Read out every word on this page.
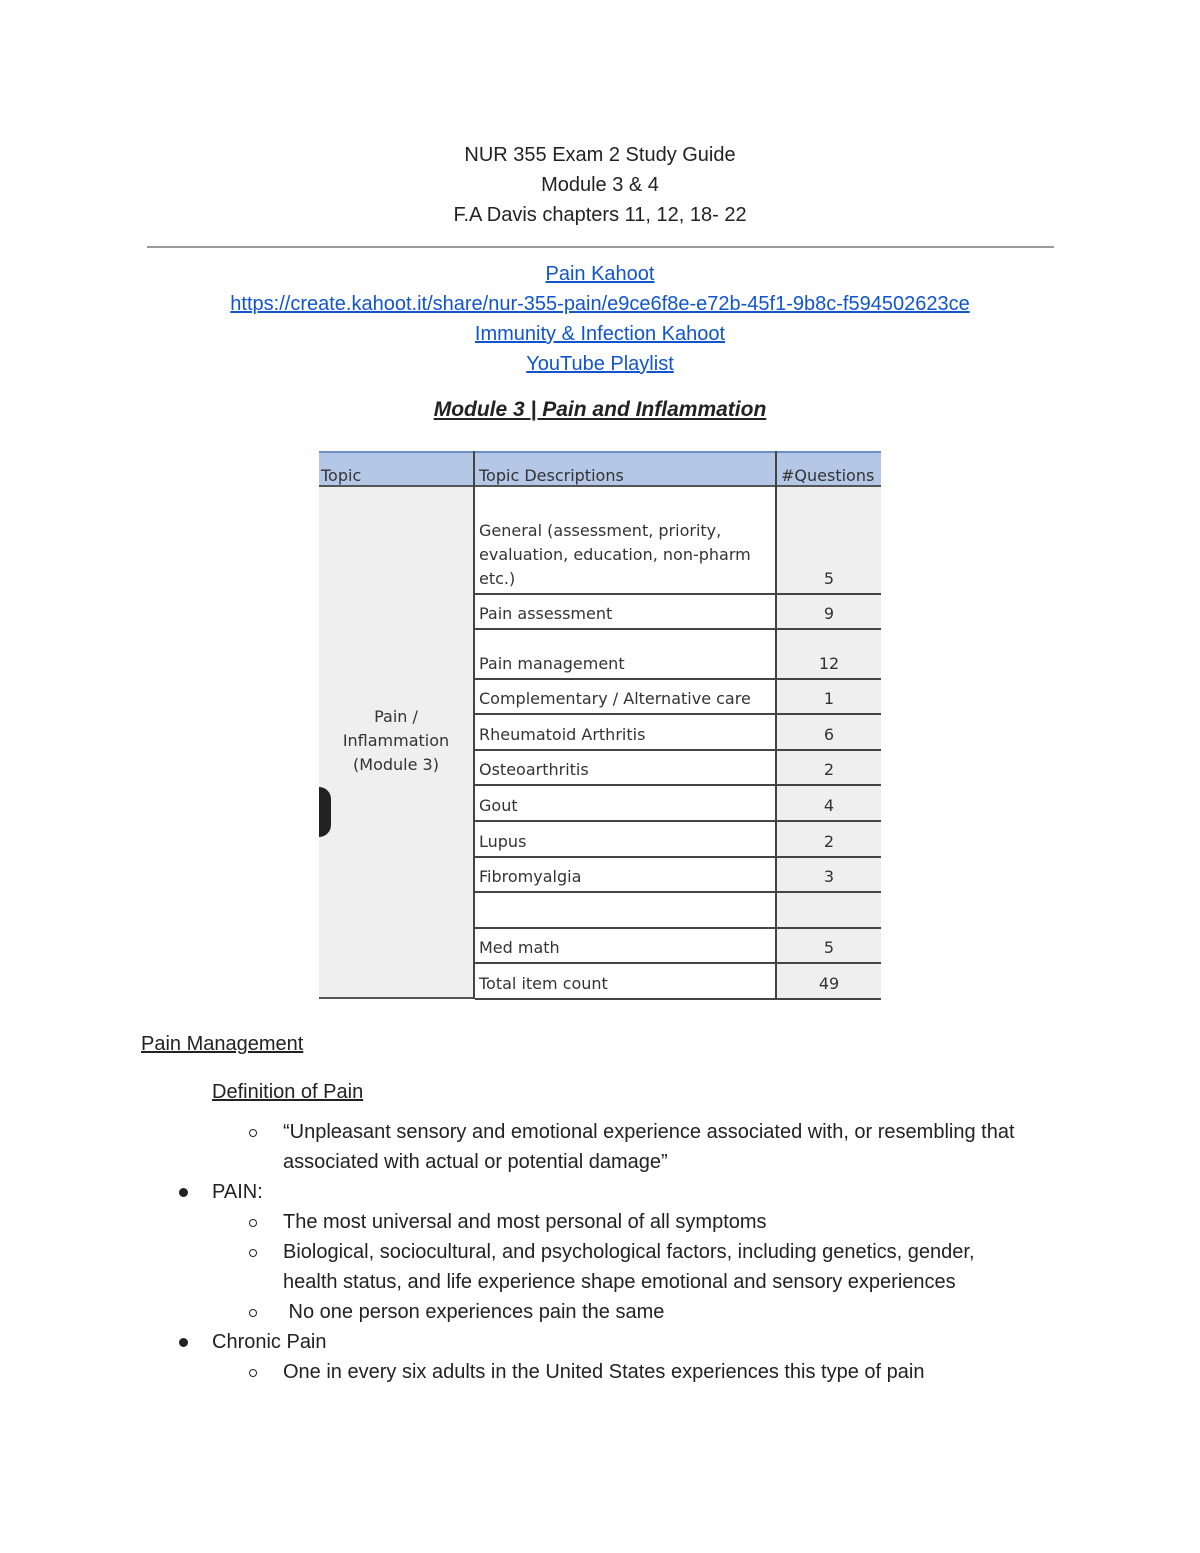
NUR 355 Exam 2 Study Guide
Module 3 & 4
F.A Davis chapters 11, 12, 18- 22
Pain Kahoot
https://create.kahoot.it/share/nur-355-pain/e9ce6f8e-e72b-45f1-9b8c-f594502623ce
Immunity & Infection Kahoot
YouTube Playlist
Module 3 | Pain and Inflammation
Topic	Topic Descriptions	#Questions
Pain /
Inflammation
(Module 3)
General (assessment, priority, evaluation, education, non-pharm etc.)	5
Pain assessment	9
Pain management	12
Complementary / Alternative care	1
Rheumatoid Arthritis	6
Osteoarthritis	2
Gout	4
Lupus	2
Fibromyalgia	3
Med math	5
Total item count	49
Pain Management
Definition of Pain
“Unpleasant sensory and emotional experience associated with, or resembling that
associated with actual or potential damage”
PAIN:
The most universal and most personal of all symptoms
Biological, sociocultural, and psychological factors, including genetics, gender,
health status, and life experience shape emotional and sensory experiences
No one person experiences pain the same
Chronic Pain
One in every six adults in the United States experiences this type of pain
